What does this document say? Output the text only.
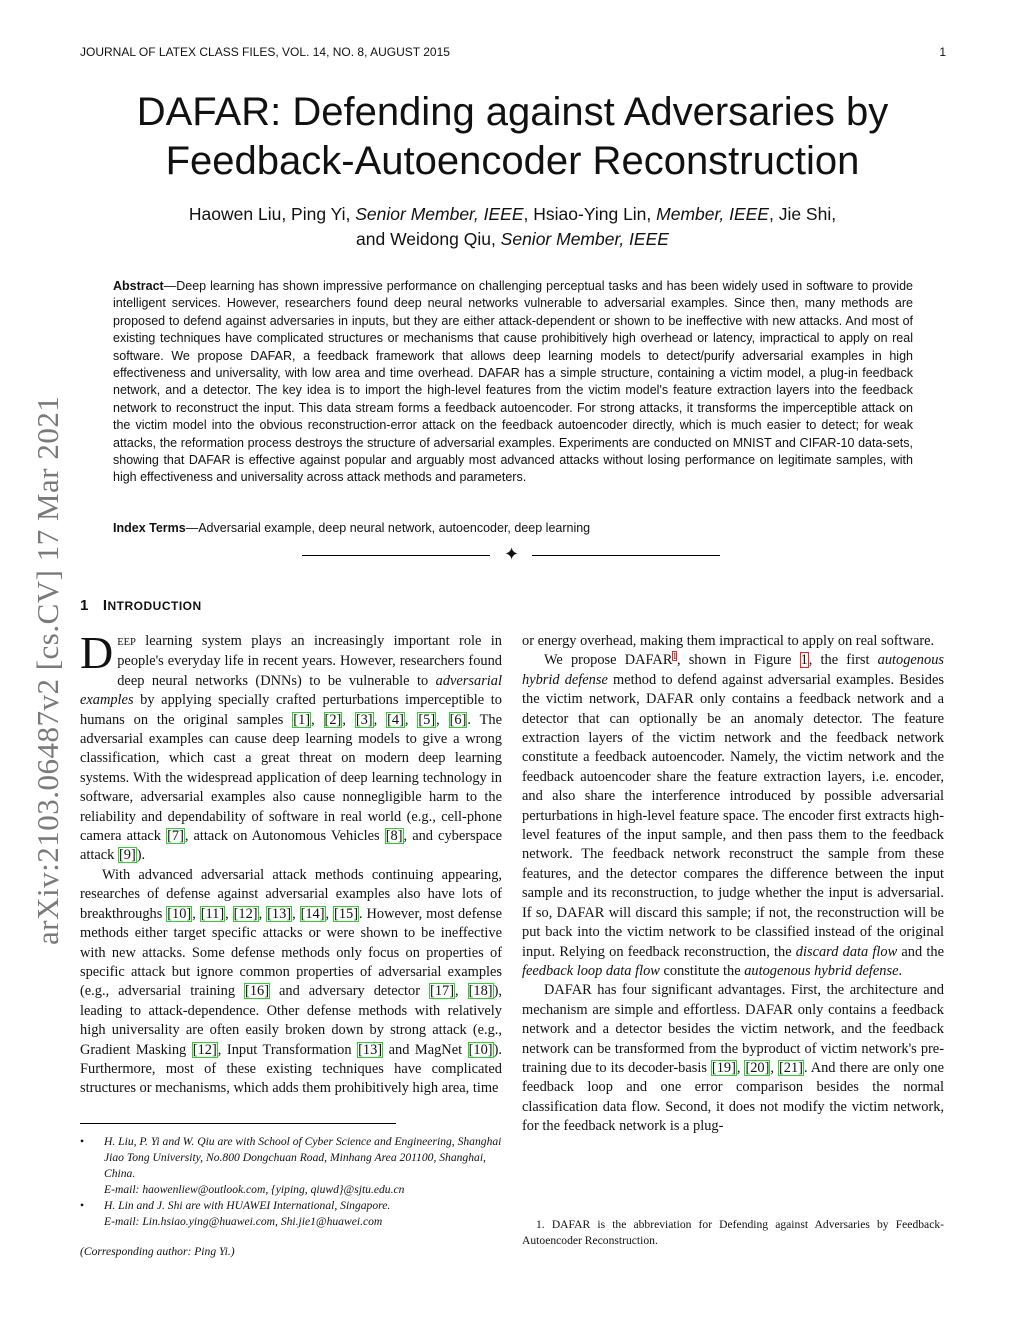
JOURNAL OF LATEX CLASS FILES, VOL. 14, NO. 8, AUGUST 2015	1
arXiv:2103.06487v2 [cs.CV] 17 Mar 2021
DAFAR: Defending against Adversaries by
Feedback-Autoencoder Reconstruction
Haowen Liu, Ping Yi, Senior Member, IEEE, Hsiao-Ying Lin, Member, IEEE, Jie Shi,
and Weidong Qiu, Senior Member, IEEE
Abstract—Deep learning has shown impressive performance on challenging perceptual tasks and has been widely used in software to provide intelligent services. However, researchers found deep neural networks vulnerable to adversarial examples. Since then, many methods are proposed to defend against adversaries in inputs, but they are either attack-dependent or shown to be ineffective with new attacks. And most of existing techniques have complicated structures or mechanisms that cause prohibitively high overhead or latency, impractical to apply on real software. We propose DAFAR, a feedback framework that allows deep learning models to detect/purify adversarial examples in high effectiveness and universality, with low area and time overhead. DAFAR has a simple structure, containing a victim model, a plug-in feedback network, and a detector. The key idea is to import the high-level features from the victim model's feature extraction layers into the feedback network to reconstruct the input. This data stream forms a feedback autoencoder. For strong attacks, it transforms the imperceptible attack on the victim model into the obvious reconstruction-error attack on the feedback autoencoder directly, which is much easier to detect; for weak attacks, the reformation process destroys the structure of adversarial examples. Experiments are conducted on MNIST and CIFAR-10 data-sets, showing that DAFAR is effective against popular and arguably most advanced attacks without losing performance on legitimate samples, with high effectiveness and universality across attack methods and parameters.
Index Terms—Adversarial example, deep neural network, autoencoder, deep learning
✦
1 INTRODUCTION

DEEP learning system plays an increasingly important role in people's everyday life in recent years. However, researchers found deep neural networks (DNNs) to be vulnerable to adversarial examples by applying specially crafted perturbations imperceptible to humans on the original samples [1], [2], [3], [4], [5], [6]. The adversarial examples can cause deep learning models to give a wrong classification, which cast a great threat on modern deep learning systems. With the widespread application of deep learning technology in software, adversarial examples also cause nonnegligible harm to the reliability and dependability of software in real world (e.g., cell-phone camera attack [7], attack on Autonomous Vehicles [8], and cyberspace attack [9]).

With advanced adversarial attack methods continuing appearing, researches of defense against adversarial examples also have lots of breakthroughs [10], [11], [12], [13], [14], [15]. However, most defense methods either target specific attacks or were shown to be ineffective with new attacks. Some defense methods only focus on properties of specific attack but ignore common properties of adversarial examples (e.g., adversarial training [16] and adversary detector [17], [18]), leading to attack-dependence. Other defense methods with relatively high universality are often easily broken down by strong attack (e.g., Gradient Masking [12], Input Transformation [13] and MagNet [10]). Furthermore, most of these existing techniques have complicated structures or mechanisms, which adds them prohibitively high area, time

or energy overhead, making them impractical to apply on real software.

We propose DAFAR$^1$, shown in Figure 1, the first autogenous hybrid defense method to defend against adversarial examples. Besides the victim network, DAFAR only contains a feedback network and a detector that can optionally be an anomaly detector. The feature extraction layers of the victim network and the feedback network constitute a feedback autoencoder. Namely, the victim network and the feedback autoencoder share the feature extraction layers, i.e. encoder, and also share the interference introduced by possible adversarial perturbations in high-level feature space. The encoder first extracts high-level features of the input sample, and then pass them to the feedback network. The feedback network reconstruct the sample from these features, and the detector compares the difference between the input sample and its reconstruction, to judge whether the input is adversarial. If so, DAFAR will discard this sample; if not, the reconstruction will be put back into the victim network to be classified instead of the original input. Relying on feedback reconstruction, the discard data flow and the feedback loop data flow constitute the autogenous hybrid defense.

DAFAR has four significant advantages. First, the architecture and mechanism are simple and effortless. DAFAR only contains a feedback network and a detector besides the victim network, and the feedback network can be transformed from the byproduct of victim network's pre-training due to its decoder-basis [19], [20], [21]. And there are only one feedback loop and one error comparison besides the normal classification data flow. Second, it does not modify the victim network, for the feedback network is a plug-

• H. Liu, P. Yi and W. Qiu are with School of Cyber Science and Engineering, Shanghai Jiao Tong University, No.800 Dongchuan Road, Minhang Area 201100, Shanghai, China.
E-mail: haowenliew@outlook.com, {yiping, qiuwd}@sjtu.edu.cn
• H. Lin and J. Shi are with HUAWEI International, Singapore.
E-mail: Lin.hsiao.ying@huawei.com, Shi.jie1@huawei.com
(Corresponding author: Ping Yi.)
1. DAFAR is the abbreviation for Defending against Adversaries by Feedback-Autoencoder Reconstruction.
